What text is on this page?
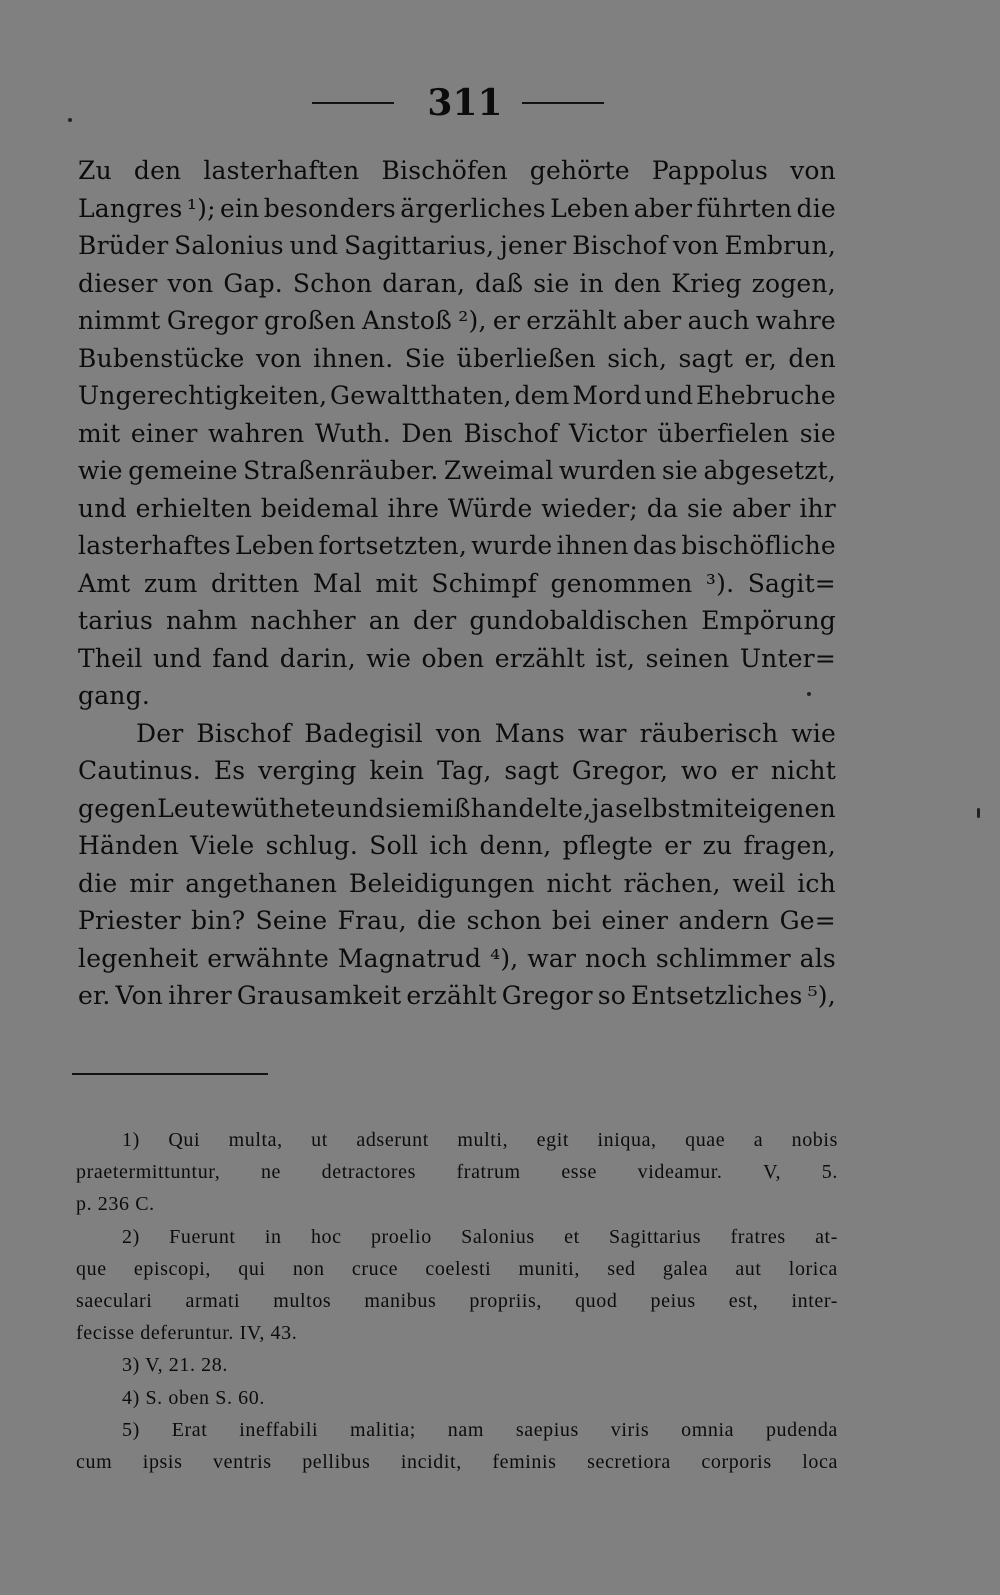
311
Zu den lasterhaften Bischöfen gehörte Pappolus von
Langres ¹); ein besonders ärgerliches Leben aber führten die
Brüder Salonius und Sagittarius, jener Bischof von Embrun,
dieser von Gap. Schon daran, daß sie in den Krieg zogen,
nimmt Gregor großen Anstoß ²), er erzählt aber auch wahre
Bubenstücke von ihnen. Sie überließen sich, sagt er, den
Ungerechtigkeiten, Gewaltthaten, dem Mord und Ehebruche
mit einer wahren Wuth. Den Bischof Victor überfielen sie
wie gemeine Straßenräuber. Zweimal wurden sie abgesetzt,
und erhielten beidemal ihre Würde wieder; da sie aber ihr
lasterhaftes Leben fortsetzten, wurde ihnen das bischöfliche
Amt zum dritten Mal mit Schimpf genommen ³). Sagit=
tarius nahm nachher an der gundobaldischen Empörung
Theil und fand darin, wie oben erzählt ist, seinen Unter=
gang.
Der Bischof Badegisil von Mans war räuberisch wie
Cautinus. Es verging kein Tag, sagt Gregor, wo er nicht
gegen Leute wüthete und sie mißhandelte, ja selbst mit eigenen
Händen Viele schlug. Soll ich denn, pflegte er zu fragen,
die mir angethanen Beleidigungen nicht rächen, weil ich
Priester bin? Seine Frau, die schon bei einer andern Ge=
legenheit erwähnte Magnatrud ⁴), war noch schlimmer als
er. Von ihrer Grausamkeit erzählt Gregor so Entsetzliches ⁵),
1) Qui multa, ut adserunt multi, egit iniqua, quae a nobis
praetermittuntur, ne detractores fratrum esse videamur. V, 5.
p. 236 C.
2) Fuerunt in hoc proelio Salonius et Sagittarius fratres at-
que episcopi, qui non cruce coelesti muniti, sed galea aut lorica
saeculari armati multos manibus propriis, quod peius est, inter-
fecisse deferuntur. IV, 43.
3) V, 21. 28.
4) S. oben S. 60.
5) Erat ineffabili malitia; nam saepius viris omnia pudenda
cum ipsis ventris pellibus incidit, feminis secretiora corporis loca
